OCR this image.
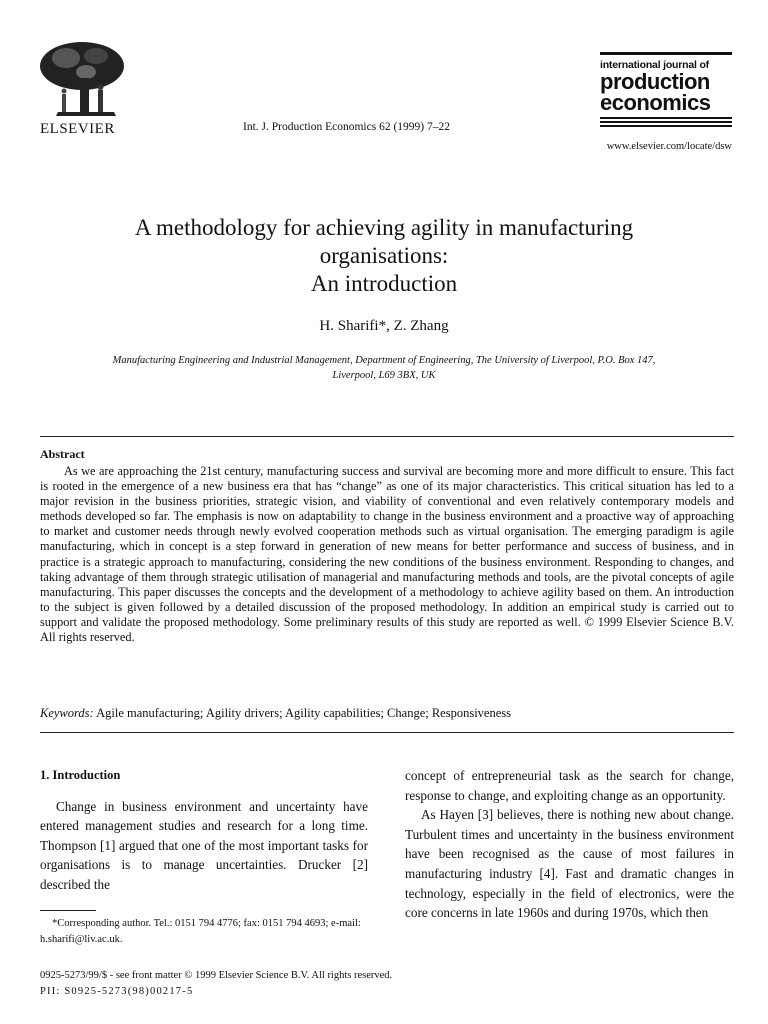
ELSEVIER	Int. J. Production Economics 62 (1999) 7–22
international journal of
production
economics
www.elsevier.com/locate/dsw
A methodology for achieving agility in manufacturing
organisations:
An introduction
H. Sharifi*, Z. Zhang
Manufacturing Engineering and Industrial Management, Department of Engineering, The University of Liverpool, P.O. Box 147,
Liverpool, L69 3BX, UK
Abstract
As we are approaching the 21st century, manufacturing success and survival are becoming more and more difficult to ensure. This fact is rooted in the emergence of a new business era that has “change” as one of its major characteristics. This critical situation has led to a major revision in the business priorities, strategic vision, and viability of conventional and even relatively contemporary models and methods developed so far. The emphasis is now on adaptability to change in the business environment and a proactive way of approaching to market and customer needs through newly evolved cooperation methods such as virtual organisation. The emerging paradigm is agile manufacturing, which in concept is a step forward in generation of new means for better performance and success of business, and in practice is a strategic approach to manufacturing, considering the new conditions of the business environment. Responding to changes, and taking advantage of them through strategic utilisation of managerial and manufacturing methods and tools, are the pivotal concepts of agile manufacturing. This paper discusses the concepts and the development of a methodology to achieve agility based on them. An introduction to the subject is given followed by a detailed discussion of the proposed methodology. In addition an empirical study is carried out to support and validate the proposed methodology. Some preliminary results of this study are reported as well. © 1999 Elsevier Science B.V. All rights reserved.
Keywords: Agile manufacturing; Agility drivers; Agility capabilities; Change; Responsiveness
1. Introduction

Change in business environment and uncertainty have entered management studies and research for a long time. Thompson [1] argued that one of the most important tasks for organisations is to manage uncertainties. Drucker [2] described the

concept of entrepreneurial task as the search for change, response to change, and exploiting change as an opportunity.

As Hayen [3] believes, there is nothing new about change. Turbulent times and uncertainty in the business environment have been recognised as the cause of most failures in manufacturing industry [4]. Fast and dramatic changes in technology, especially in the field of electronics, were the core concerns in late 1960s and during 1970s, which then

*Corresponding author. Tel.: 0151 794 4776; fax: 0151 794 4693; e-mail: h.sharifi@liv.ac.uk.
0925-5273/99/$ - see front matter © 1999 Elsevier Science B.V. All rights reserved.
PII: S0925-5273(98)00217-5
